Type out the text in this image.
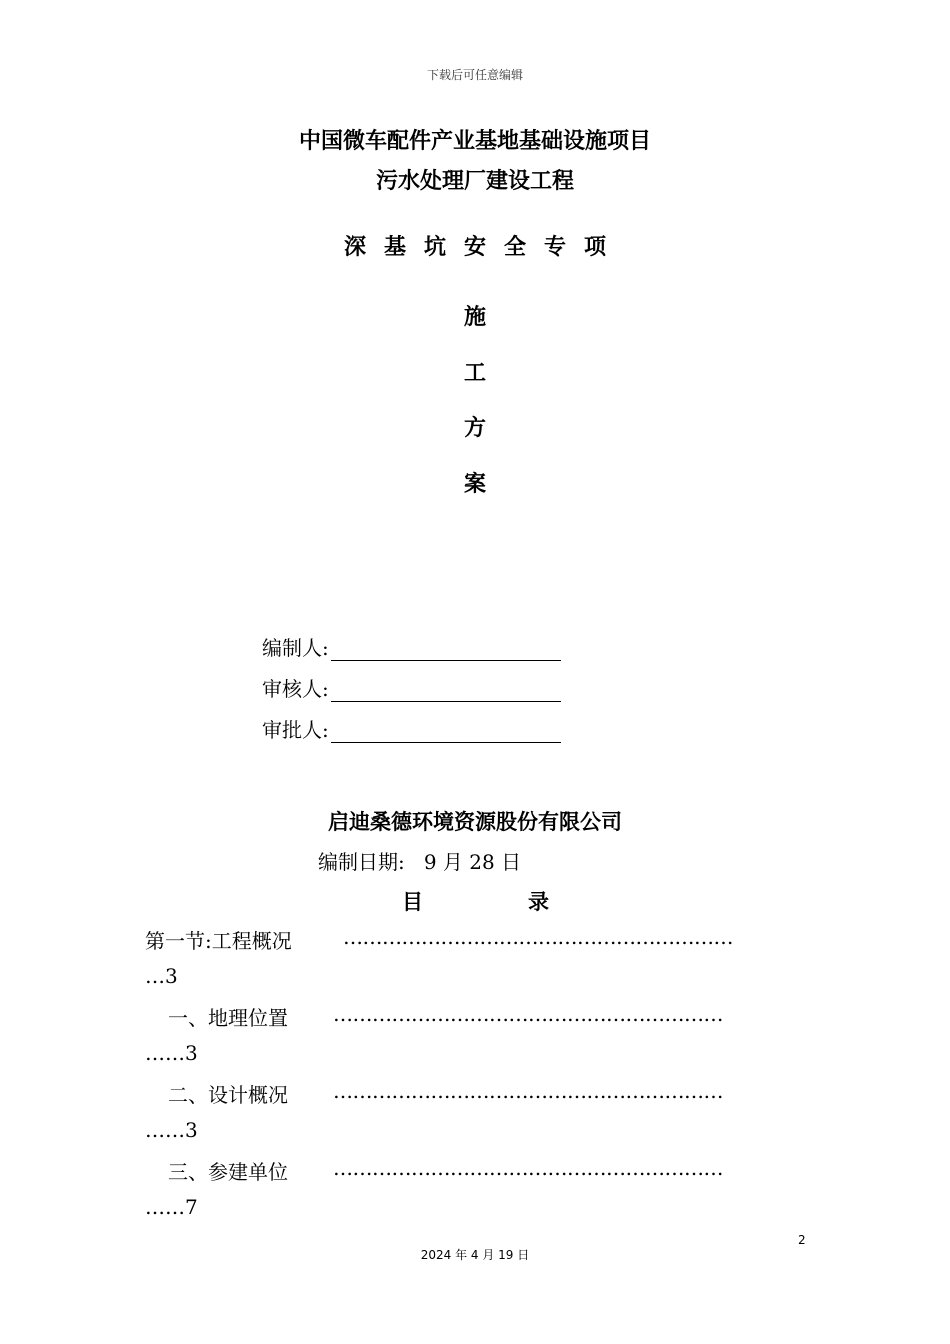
下载后可任意编辑
中国微车配件产业基地基础设施项目
污水处理厂建设工程
深 基 坑 安 全 专 项
施
工
方
案
编制人:
审核人:
审批人:
启迪桑德环境资源股份有限公司
编制日期: 9 月 28 日
目	录
第一节:工程概况	……………………………………………………
…3
一、地理位置 ……………………………………………………
……3
二、设计概况 ……………………………………………………
……3
三、参建单位 ……………………………………………………
……7
2
2024 年 4 月 19 日
